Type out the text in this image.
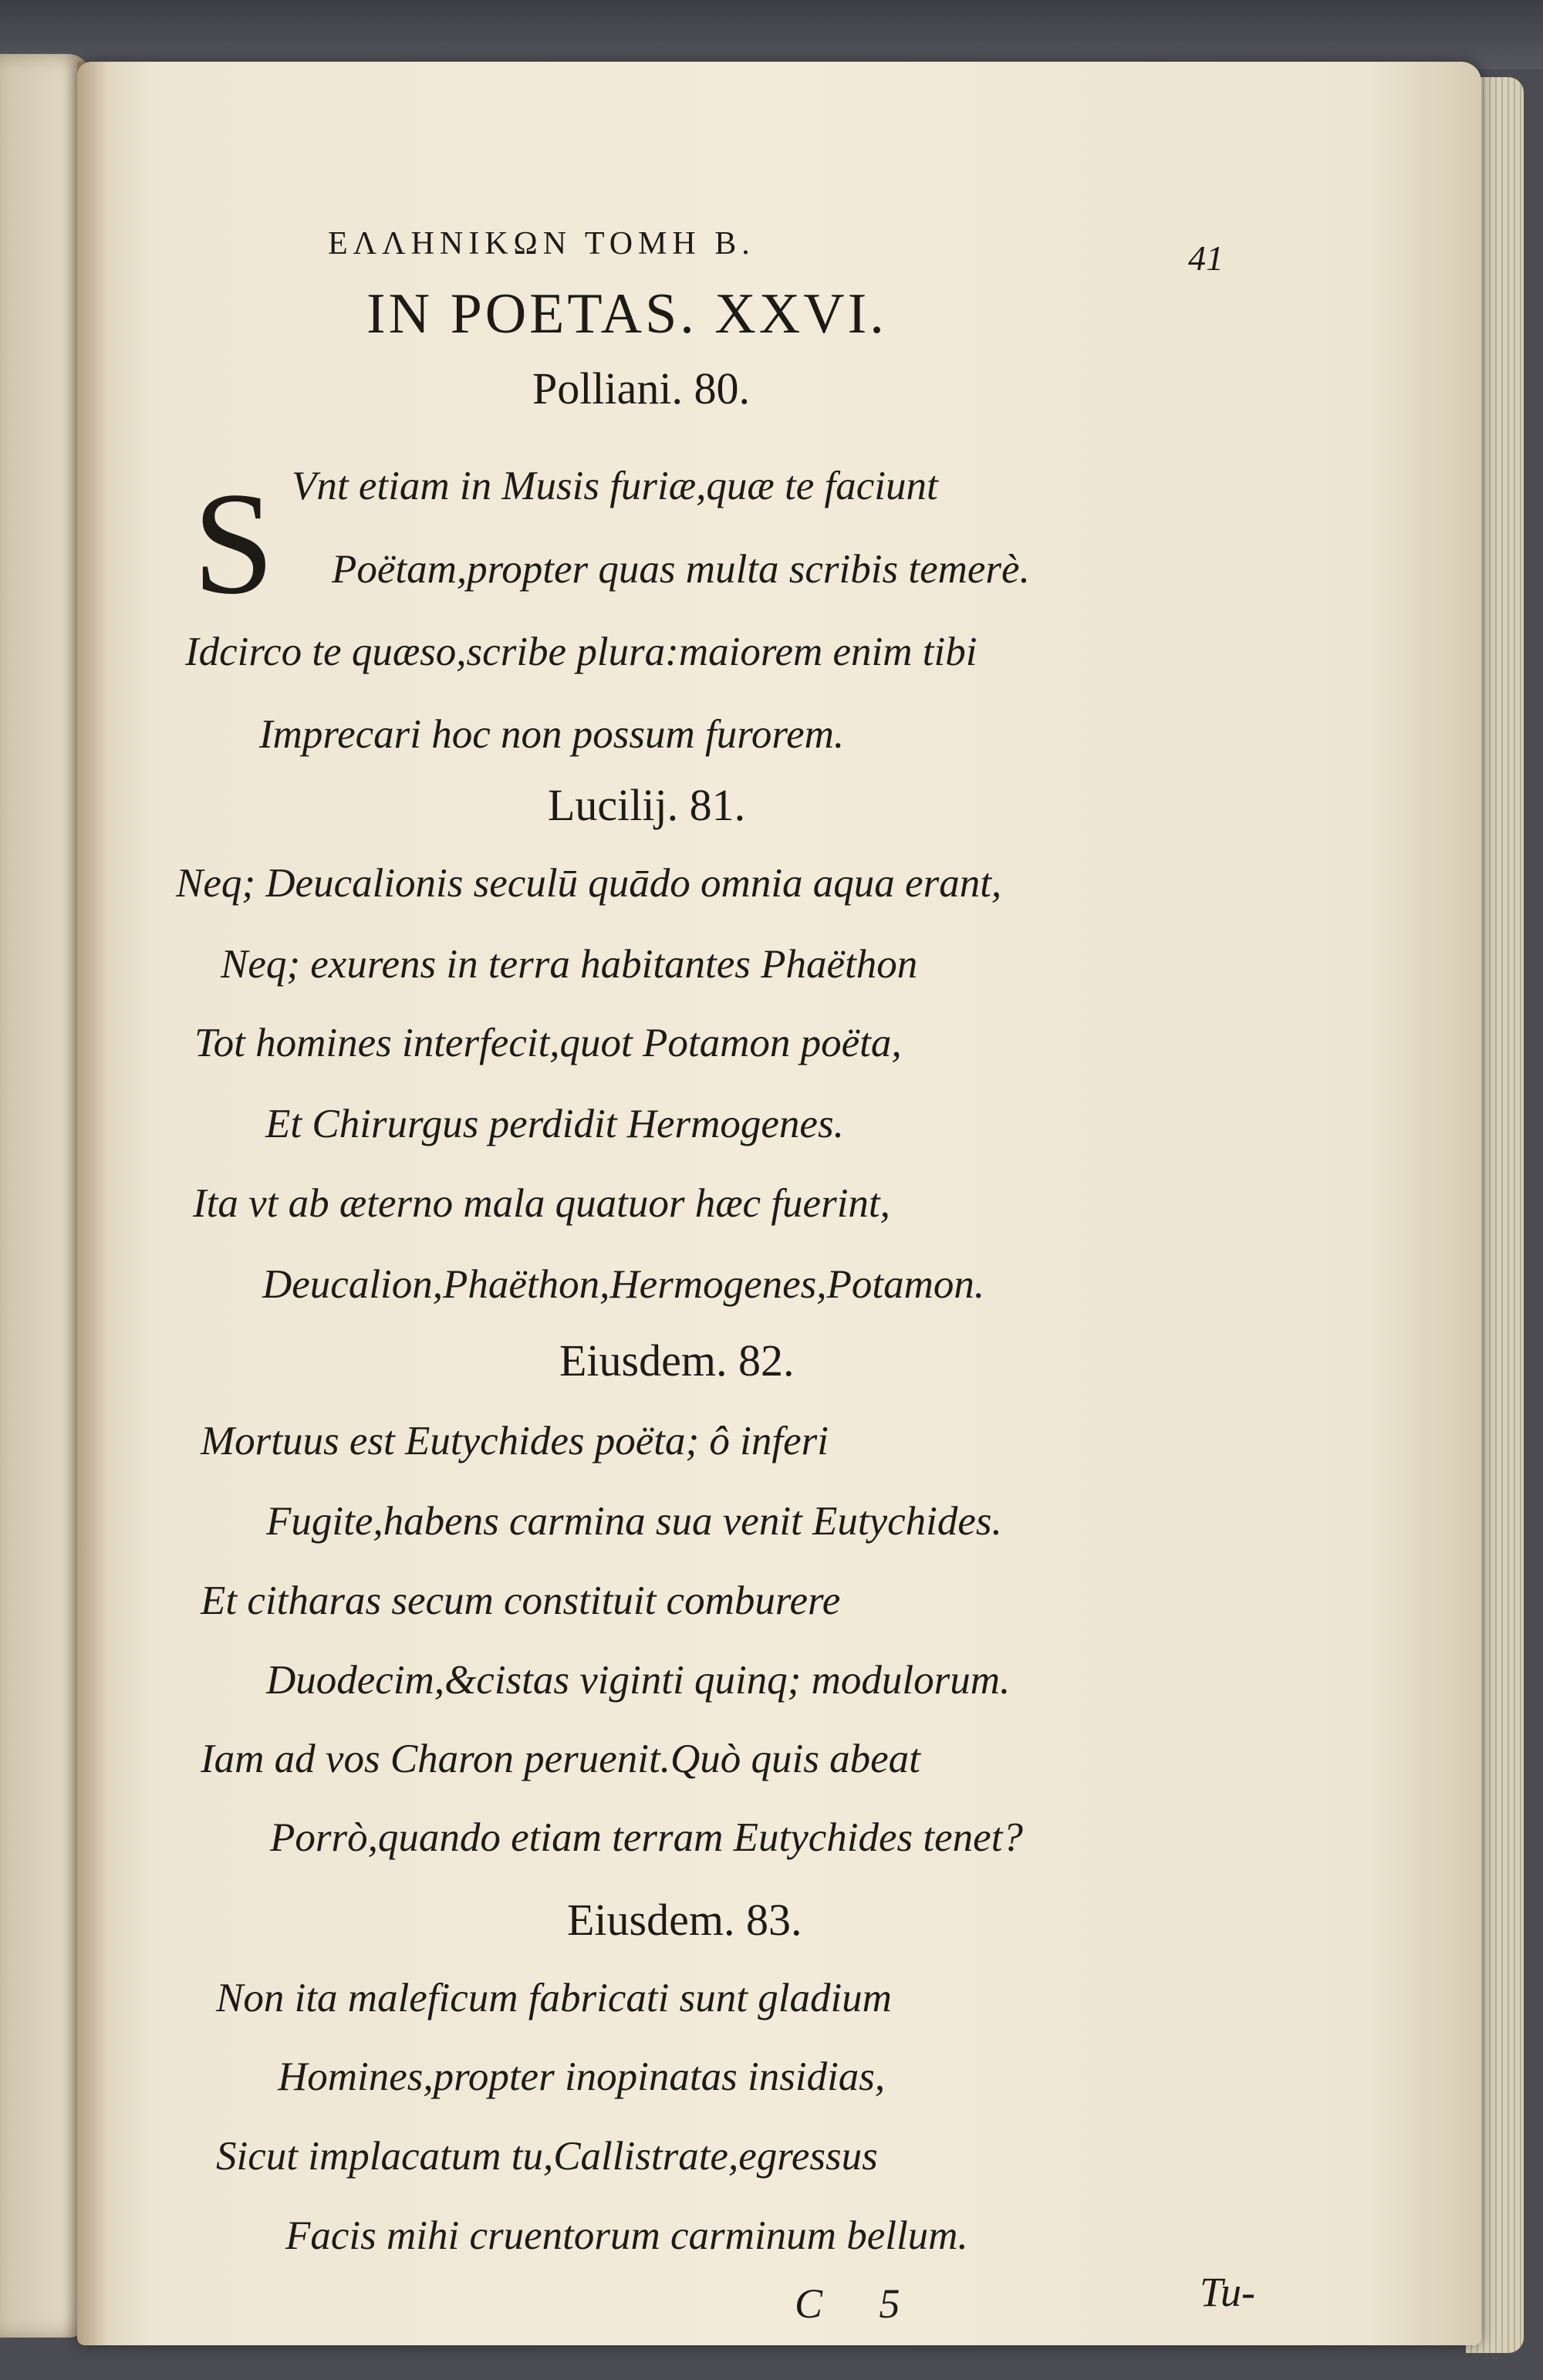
ΕΛΛΗΝΙΚΩΝ ΤΟΜΗ Β.	41
IN POETAS. XXVI.
Polliani. 80.
S Vnt etiam in Musis furiæ,quæ te faciunt
Poëtam,propter quas multa scribis temerè.
Idcirco te quæso,scribe plura:maiorem enim tibi
Imprecari hoc non possum furorem.
Lucilij. 81.
Neq; Deucalionis seculū quādo omnia aqua erant,
Neq; exurens in terra habitantes Phaëthon
Tot homines interfecit,quot Potamon poëta,
Et Chirurgus perdidit Hermogenes.
Ita vt ab æterno mala quatuor hæc fuerint,
Deucalion,Phaëthon,Hermogenes,Potamon.
Eiusdem. 82.
Mortuus est Eutychides poëta; ô inferi
Fugite,habens carmina sua venit Eutychides.
Et citharas secum constituit comburere
Duodecim,&cistas viginti quinq; modulorum.
Iam ad vos Charon peruenit.Quò quis abeat
Porrò,quando etiam terram Eutychides tenet?
Eiusdem. 83.
Non ita maleficum fabricati sunt gladium
Homines,propter inopinatas insidias,
Sicut implacatum tu,Callistrate,egressus
Facis mihi cruentorum carminum bellum.
C 5	Tu-
